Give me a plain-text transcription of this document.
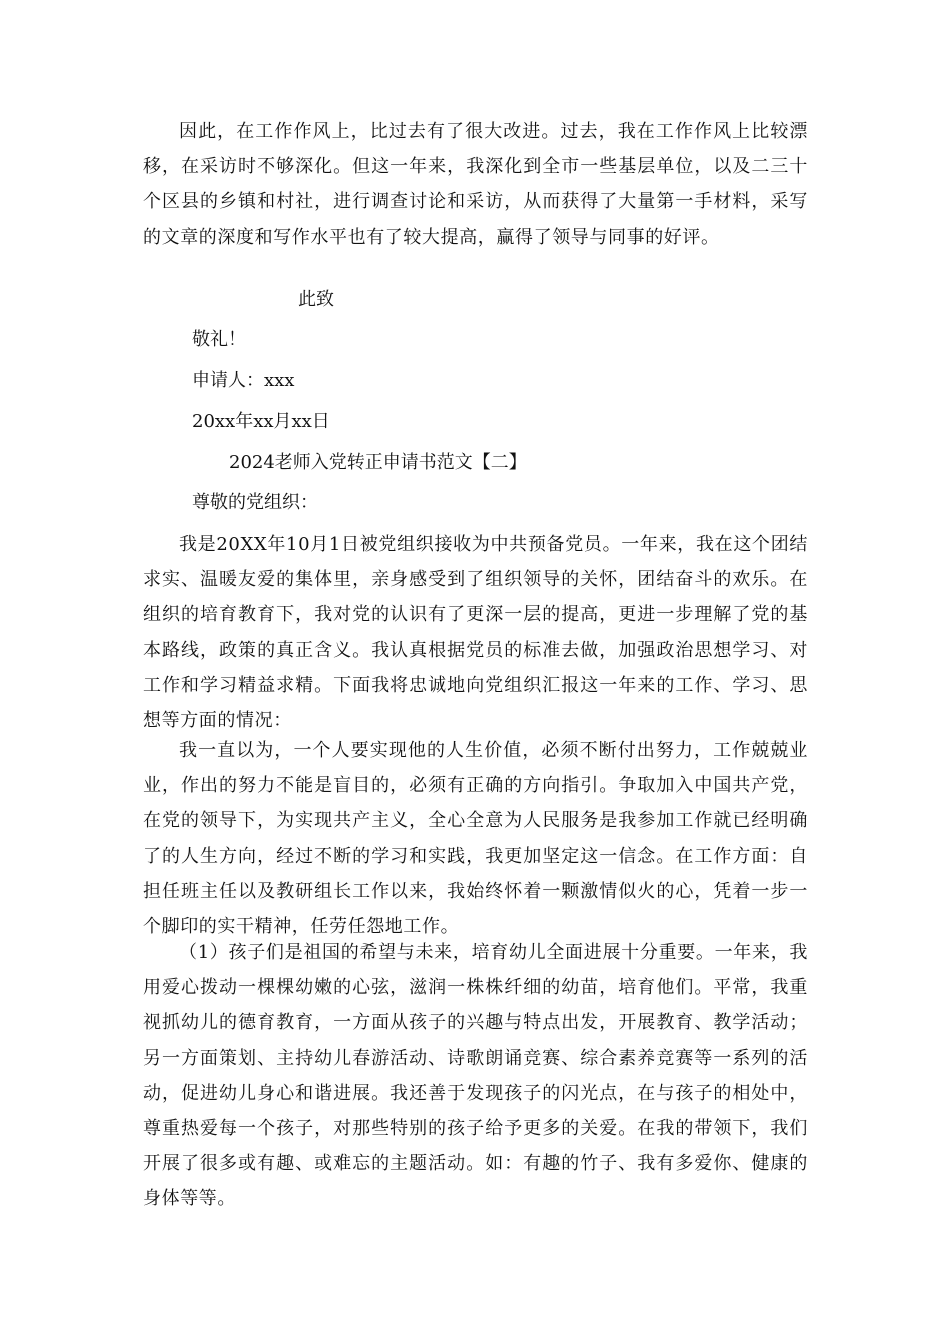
因此，在工作作风上，比过去有了很大改进。过去，我在工作作风上比较漂移，在采访时不够深化。但这一年来，我深化到全市一些基层单位，以及二三十个区县的乡镇和村社，进行调查讨论和采访，从而获得了大量第一手材料，采写的文章的深度和写作水平也有了较大提高，赢得了领导与同事的好评。

此致
敬礼！
申请人：xxx
20xx年xx月xx日
2024老师入党转正申请书范文【二】
尊敬的党组织：

我是20XX年10月1日被党组织接收为中共预备党员。一年来，我在这个团结求实、温暖友爱的集体里，亲身感受到了组织领导的关怀，团结奋斗的欢乐。在组织的培育教育下，我对党的认识有了更深一层的提高，更进一步理解了党的基本路线，政策的真正含义。我认真根据党员的标准去做，加强政治思想学习、对工作和学习精益求精。下面我将忠诚地向党组织汇报这一年来的工作、学习、思想等方面的情况：

我一直以为，一个人要实现他的人生价值，必须不断付出努力，工作兢兢业业，作出的努力不能是盲目的，必须有正确的方向指引。争取加入中国共产党，在党的领导下，为实现共产主义，全心全意为人民服务是我参加工作就已经明确了的人生方向，经过不断的学习和实践，我更加坚定这一信念。在工作方面：自担任班主任以及教研组长工作以来，我始终怀着一颗激情似火的心，凭着一步一个脚印的实干精神，任劳任怨地工作。

（1）孩子们是祖国的希望与未来，培育幼儿全面进展十分重要。一年来，我用爱心拨动一棵棵幼嫩的心弦，滋润一株株纤细的幼苗，培育他们。平常，我重视抓幼儿的德育教育，一方面从孩子的兴趣与特点出发，开展教育、教学活动；另一方面策划、主持幼儿春游活动、诗歌朗诵竞赛、综合素养竞赛等一系列的活动，促进幼儿身心和谐进展。我还善于发现孩子的闪光点，在与孩子的相处中，尊重热爱每一个孩子，对那些特别的孩子给予更多的关爱。在我的带领下，我们开展了很多或有趣、或难忘的主题活动。如：有趣的竹子、我有多爱你、健康的身体等等。
